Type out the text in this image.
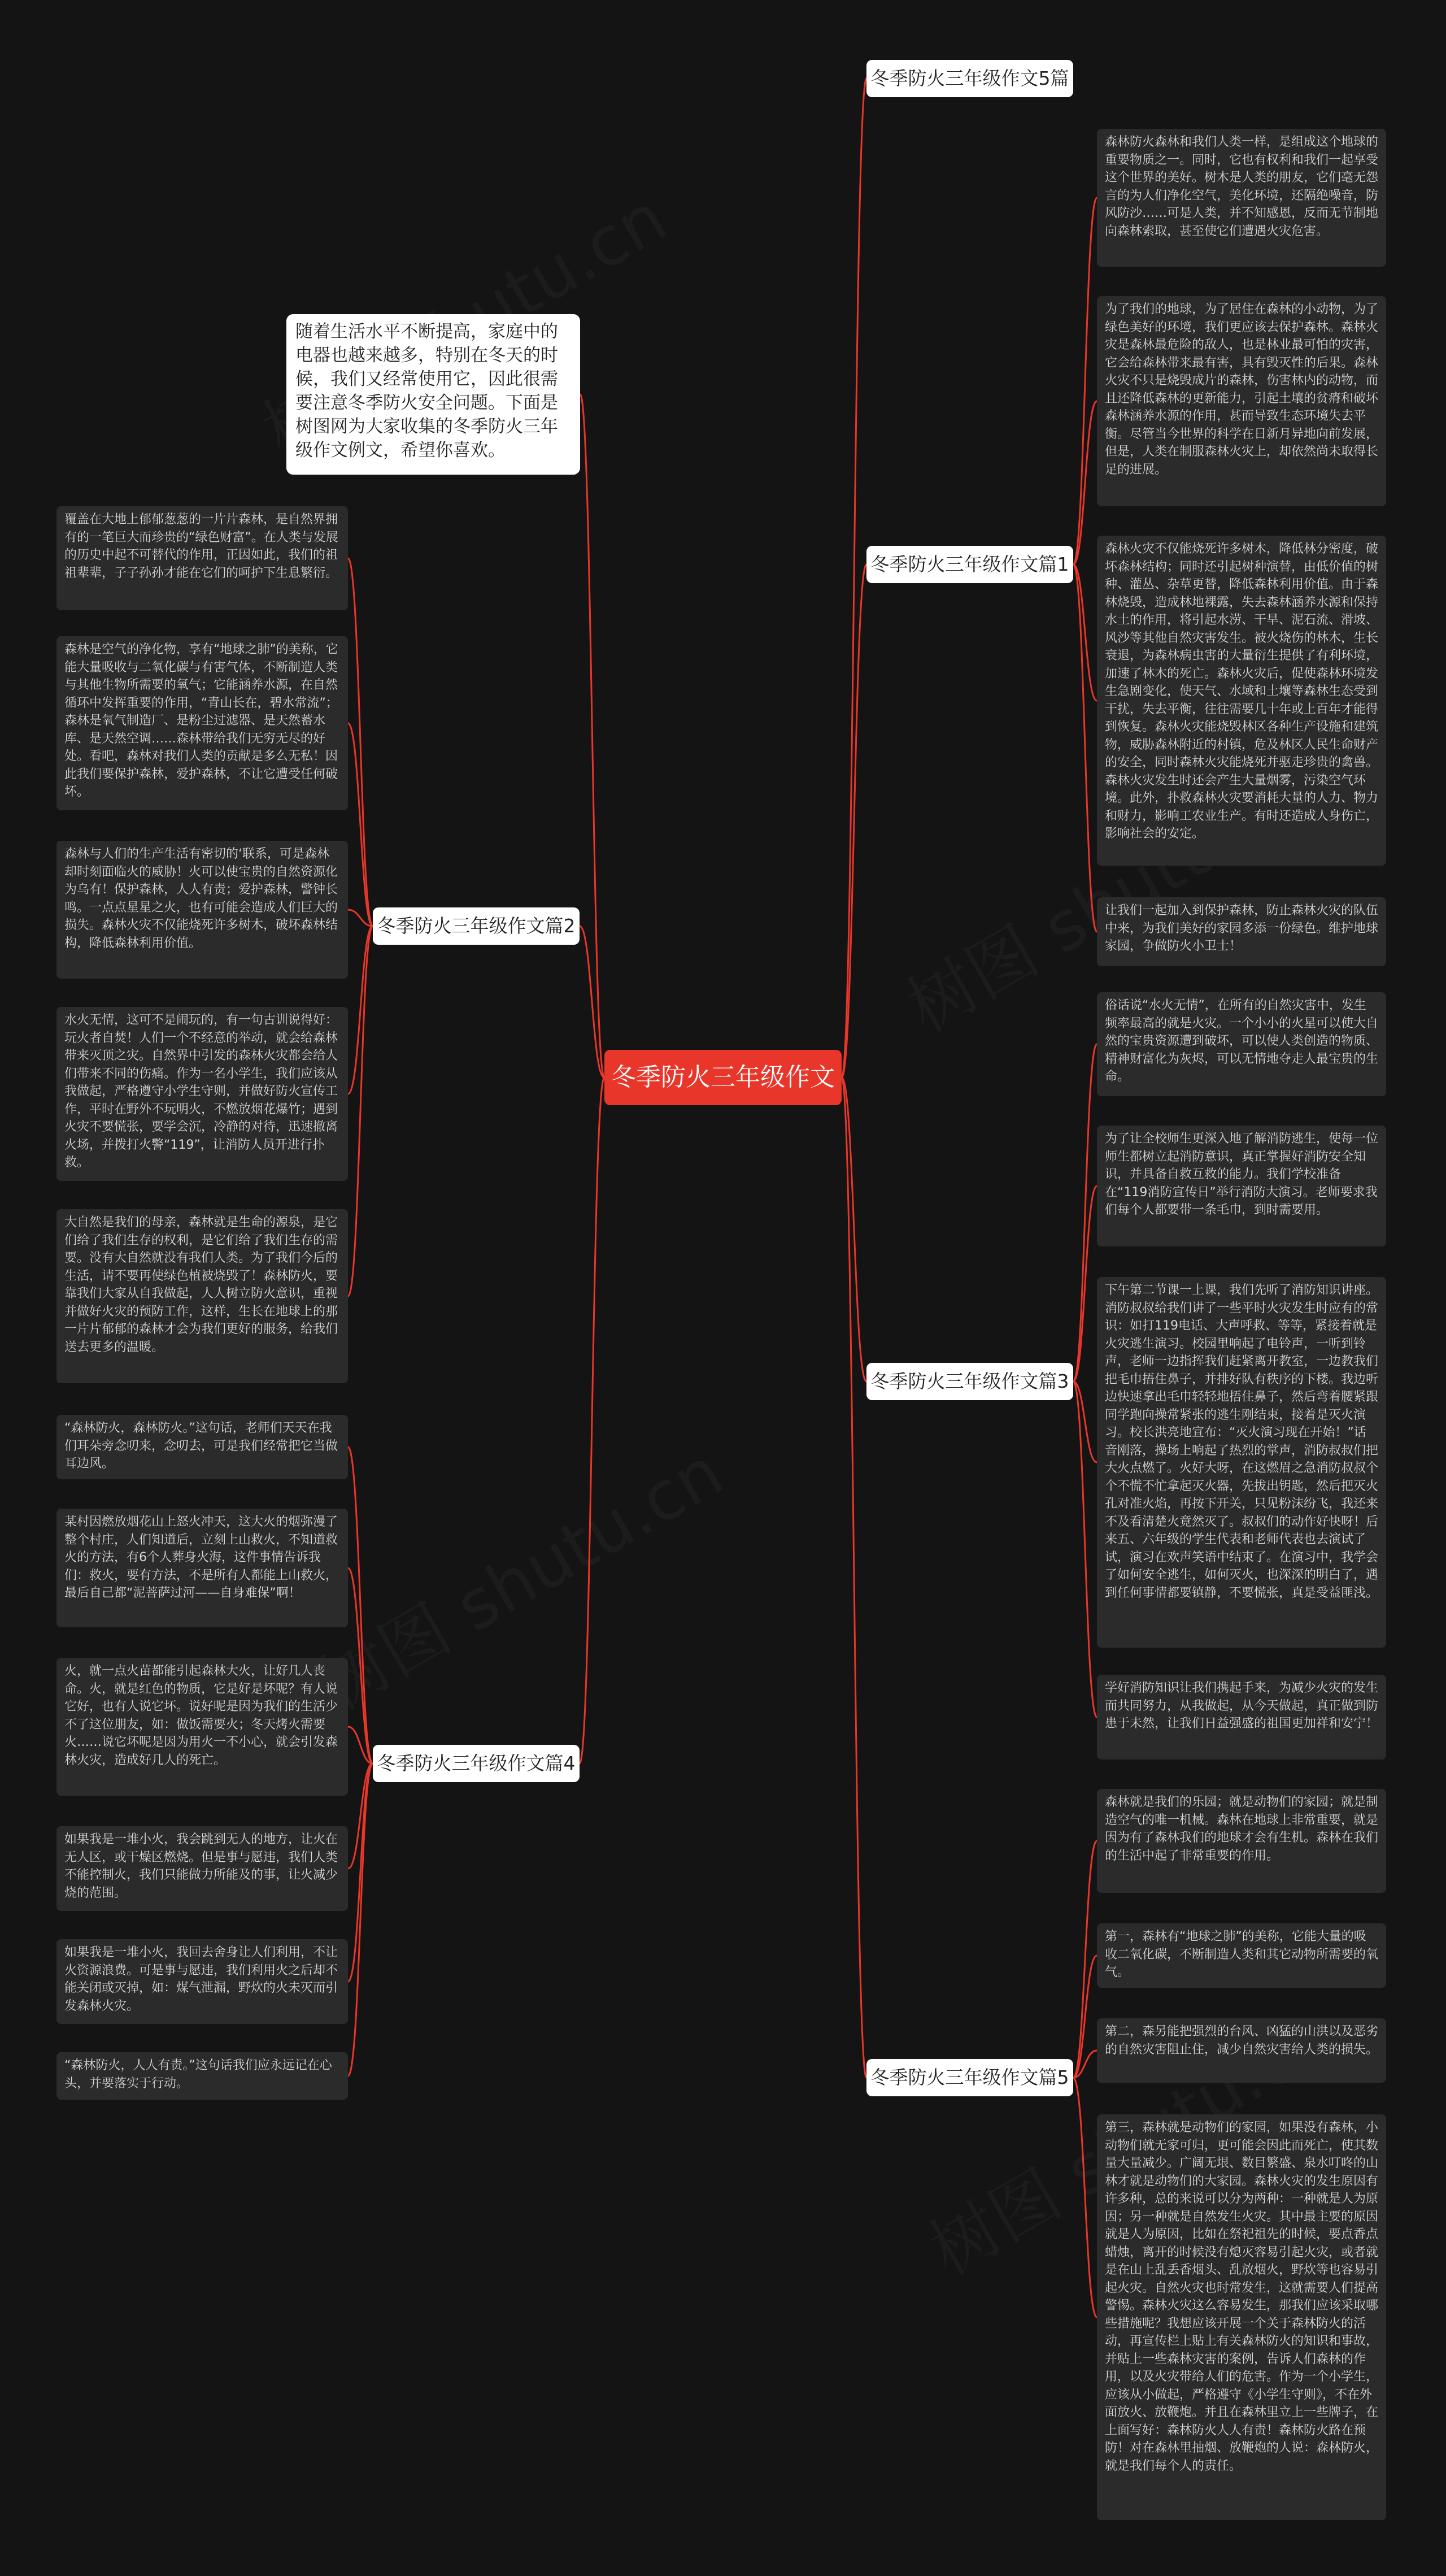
冬季防火三年级作文
随着生活水平不断提高，家庭中的电器也越来越多，特别在冬天的时候，我们又经常使用它，因此很需要注意冬季防火安全问题。下面是树图网为大家收集的冬季防火三年级作文例文，希望你喜欢。
冬季防火三年级作文5篇
冬季防火三年级作文篇1
冬季防火三年级作文篇2
冬季防火三年级作文篇3
冬季防火三年级作文篇4
冬季防火三年级作文篇5
森林防火森林和我们人类一样，是组成这个地球的重要物质之一。同时，它也有权利和我们一起享受这个世界的美好。树木是人类的朋友，它们毫无怨言的为人们净化空气，美化环境，还隔绝噪音，防风防沙……可是人类，并不知感恩，反而无节制地向森林索取，甚至使它们遭遇火灾危害。
为了我们的地球，为了居住在森林的小动物，为了绿色美好的环境，我们更应该去保护森林。森林火灾是森林最危险的敌人，也是林业最可怕的灾害，它会给森林带来最有害，具有毁灭性的后果。森林火灾不只是烧毁成片的森林，伤害林内的动物，而且还降低森林的更新能力，引起土壤的贫瘠和破坏森林涵养水源的作用，甚而导致生态环境失去平衡。尽管当今世界的科学在日新月异地向前发展，但是，人类在制服森林火灾上，却依然尚未取得长足的进展。
森林火灾不仅能烧死许多树木，降低林分密度，破坏森林结构；同时还引起树种演替，由低价值的树种、灌丛、杂草更替，降低森林利用价值。由于森林烧毁，造成林地裸露，失去森林涵养水源和保持水土的作用，将引起水涝、干旱、泥石流、滑坡、风沙等其他自然灾害发生。被火烧伤的林木，生长衰退，为森林病虫害的大量衍生提供了有利环境，加速了林木的死亡。森林火灾后，促使森林环境发生急剧变化，使天气、水域和土壤等森林生态受到干扰，失去平衡，往往需要几十年或上百年才能得到恢复。森林火灾能烧毁林区各种生产设施和建筑物，威胁森林附近的村镇，危及林区人民生命财产的安全，同时森林火灾能烧死并驱走珍贵的禽兽。森林火灾发生时还会产生大量烟雾，污染空气环境。此外，扑救森林火灾要消耗大量的人力、物力和财力，影响工农业生产。有时还造成人身伤亡，影响社会的安定。
让我们一起加入到保护森林，防止森林火灾的队伍中来，为我们美好的家园多添一份绿色。维护地球家园，争做防火小卫士！
覆盖在大地上郁郁葱葱的一片片森林，是自然界拥有的一笔巨大而珍贵的“绿色财富”。在人类与发展的历史中起不可替代的作用，正因如此，我们的祖祖辈辈，子子孙孙才能在它们的呵护下生息繁衍。
森林是空气的净化物，享有“地球之肺”的美称，它能大量吸收与二氧化碳与有害气体，不断制造人类与其他生物所需要的氧气；它能涵养水源，在自然循环中发挥重要的作用，“青山长在，碧水常流”；森林是氧气制造厂、是粉尘过滤器、是天然蓄水库、是天然空调……森林带给我们无穷无尽的好处。看吧，森林对我们人类的贡献是多么无私！因此我们要保护森林，爱护森林，不让它遭受任何破坏。
森林与人们的生产生活有密切的‘联系，可是森林却时刻面临火的威胁！火可以使宝贵的自然资源化为乌有！保护森林，人人有责；爱护森林，警钟长鸣。一点点星星之火，也有可能会造成人们巨大的损失。森林火灾不仅能烧死许多树木，破坏森林结构，降低森林利用价值。
水火无情，这可不是闹玩的，有一句古训说得好：玩火者自焚！人们一个不经意的举动，就会给森林带来灭顶之灾。自然界中引发的森林火灾都会给人们带来不同的伤痛。作为一名小学生，我们应该从我做起，严格遵守小学生守则，并做好防火宣传工作，平时在野外不玩明火，不燃放烟花爆竹；遇到火灾不要慌张，要学会沉，冷静的对待，迅速撤离火场，并拨打火警“119”，让消防人员开进行扑救。
大自然是我们的母亲，森林就是生命的源泉，是它们给了我们生存的权利，是它们给了我们生存的需要。没有大自然就没有我们人类。为了我们今后的生活，请不要再使绿色植被烧毁了！森林防火，要靠我们大家从自我做起，人人树立防火意识，重视并做好火灾的预防工作，这样，生长在地球上的那一片片郁郁的森林才会为我们更好的服务，给我们送去更多的温暖。
俗话说“水火无情”，在所有的自然灾害中，发生频率最高的就是火灾。一个小小的火星可以使大自然的宝贵资源遭到破坏，可以使人类创造的物质、精神财富化为灰烬，可以无情地夺走人最宝贵的生命。
为了让全校师生更深入地了解消防逃生，使每一位师生都树立起消防意识，真正掌握好消防安全知识，并具备自救互救的能力。我们学校准备在“119消防宣传日”举行消防大演习。老师要求我们每个人都要带一条毛巾，到时需要用。
下午第二节课一上课，我们先听了消防知识讲座。消防叔叔给我们讲了一些平时火灾发生时应有的常识：如打119电话、大声呼救、等等，紧接着就是火灾逃生演习。校园里响起了电铃声，一听到铃声，老师一边指挥我们赶紧离开教室，一边教我们把毛巾捂住鼻子，并排好队有秩序的下楼。我边听边快速拿出毛巾轻轻地捂住鼻子，然后弯着腰紧跟同学跑向操常紧张的逃生刚结束，接着是灭火演习。校长洪亮地宣布：“灭火演习现在开始！”话音刚落，操场上响起了热烈的掌声，消防叔叔们把大火点燃了。火好大呀，在这燃眉之急消防叔叔个个不慌不忙拿起灭火器，先拔出钥匙，然后把灭火孔对准火焰，再按下开关，只见粉沫纷飞，我还来不及看清楚火竟然灭了。叔叔们的动作好快呀！后来五、六年级的学生代表和老师代表也去演试了试，演习在欢声笑语中结束了。在演习中，我学会了如何安全逃生，如何灭火，也深深的明白了，遇到任何事情都要镇静，不要慌张，真是受益匪浅。
学好消防知识让我们携起手来，为减少火灾的发生而共同努力，从我做起，从今天做起，真正做到防患于未然，让我们日益强盛的祖国更加祥和安宁！
“森林防火，森林防火。”这句话，老师们天天在我们耳朵旁念叨来，念叨去，可是我们经常把它当做耳边风。
某村因燃放烟花山上怒火冲天，这大火的烟弥漫了整个村庄，人们知道后，立刻上山救火，不知道救火的方法，有6个人葬身火海，这件事情告诉我们：救火，要有方法，不是所有人都能上山救火，最后自己都“泥菩萨过河——自身难保”啊！
火，就一点火苗都能引起森林大火，让好几人丧命。火，就是红色的物质，它是好是坏呢？有人说它好，也有人说它坏。说好呢是因为我们的生活少不了这位朋友，如：做饭需要火；冬天烤火需要火……说它坏呢是因为用火一不小心，就会引发森林火灾，造成好几人的死亡。
如果我是一堆小火，我会跳到无人的地方，让火在无人区，或干燥区燃烧。但是事与愿违，我们人类不能控制火，我们只能做力所能及的事，让火减少烧的范围。
如果我是一堆小火，我回去舍身让人们利用，不让火资源浪费。可是事与愿违，我们利用火之后却不能关闭或灭掉，如：煤气泄漏，野炊的火未灭而引发森林火灾。
“森林防火，人人有责。”这句话我们应永远记在心头，并要落实于行动。
森林就是我们的乐园；就是动物们的家园；就是制造空气的唯一机械。森林在地球上非常重要，就是因为有了森林我们的地球才会有生机。森林在我们的生活中起了非常重要的作用。
第一，森林有“地球之肺”的美称，它能大量的吸收二氧化碳，不断制造人类和其它动物所需要的氧气。
第二，森另能把强烈的台风、凶猛的山洪以及恶劣的自然灾害阻止住，减少自然灾害给人类的损失。
第三，森林就是动物们的家园，如果没有森林，小动物们就无家可归，更可能会因此而死亡，使其数量大量减少。广阔无垠、数目繁盛、泉水叮咚的山林才就是动物们的大家园。森林火灾的发生原因有许多种，总的来说可以分为两种：一种就是人为原因；另一种就是自然发生火灾。其中最主要的原因就是人为原因，比如在祭祀祖先的时候，要点香点蜡烛，离开的时候没有熄灭容易引起火灾，或者就是在山上乱丢香烟头、乱放烟火，野炊等也容易引起火灾。自然火灾也时常发生，这就需要人们提高警惕。森林火灾这么容易发生，那我们应该采取哪些措施呢？我想应该开展一个关于森林防火的活动，再宣传栏上贴上有关森林防火的知识和事故，并贴上一些森林灾害的案例，告诉人们森林的作用，以及火灾带给人们的危害。作为一个小学生，应该从小做起，严格遵守《小学生守则》，不在外面放火、放鞭炮。并且在森林里立上一些牌子，在上面写好：森林防火人人有责！森林防火路在预防！对在森林里抽烟、放鞭炮的人说：森林防火，就是我们每个人的责任。
